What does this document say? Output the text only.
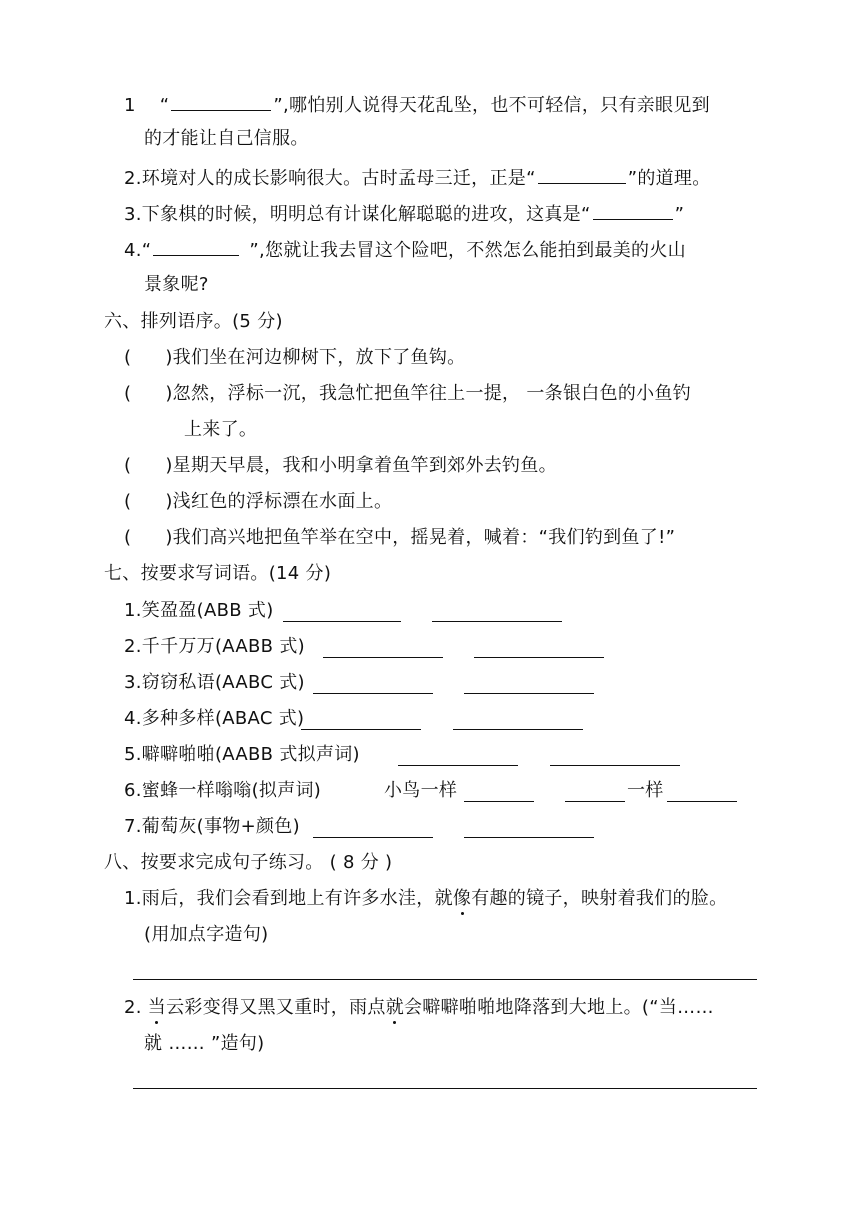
1 “	”,哪怕别人说得天花乱坠，也不可轻信，只有亲眼见到
的才能让自己信服。
2.环境对人的成长影响很大。古时孟母三迁，正是“	”的道理。
3.下象棋的时候，明明总有计谋化解聪聪的进攻，这真是“	”
4.“	”,您就让我去冒这个险吧，不然怎么能拍到最美的火山
景象呢?
六、排列语序。(5 分)
( )我们坐在河边柳树下，放下了鱼钩。
( )忽然，浮标一沉，我急忙把鱼竿往上一提， 一条银白色的小鱼钓
上来了。
( )星期天早晨，我和小明拿着鱼竿到郊外去钓鱼。
( )浅红色的浮标漂在水面上。
( )我们高兴地把鱼竿举在空中，摇晃着，喊着：“我们钓到鱼了!”
七、按要求写词语。(14 分)
1.笑盈盈(ABB 式)
2.千千万万(AABB 式)
3.窃窃私语(AABC 式)
4.多种多样(ABAC 式)
5.噼噼啪啪(AABB 式拟声词)
6.蜜蜂一样嗡嗡(拟声词)	小鸟一样	一样
7.葡萄灰(事物+颜色)
八、按要求完成句子练习。 ( 8 分 )
1.雨后，我们会看到地上有许多水洼，就像有趣的镜子，映射着我们的脸。
(用加点字造句)
2. 当云彩变得又黑又重时，雨点就会噼噼啪啪地降落到大地上。(“当……
就 …… ”造句)
